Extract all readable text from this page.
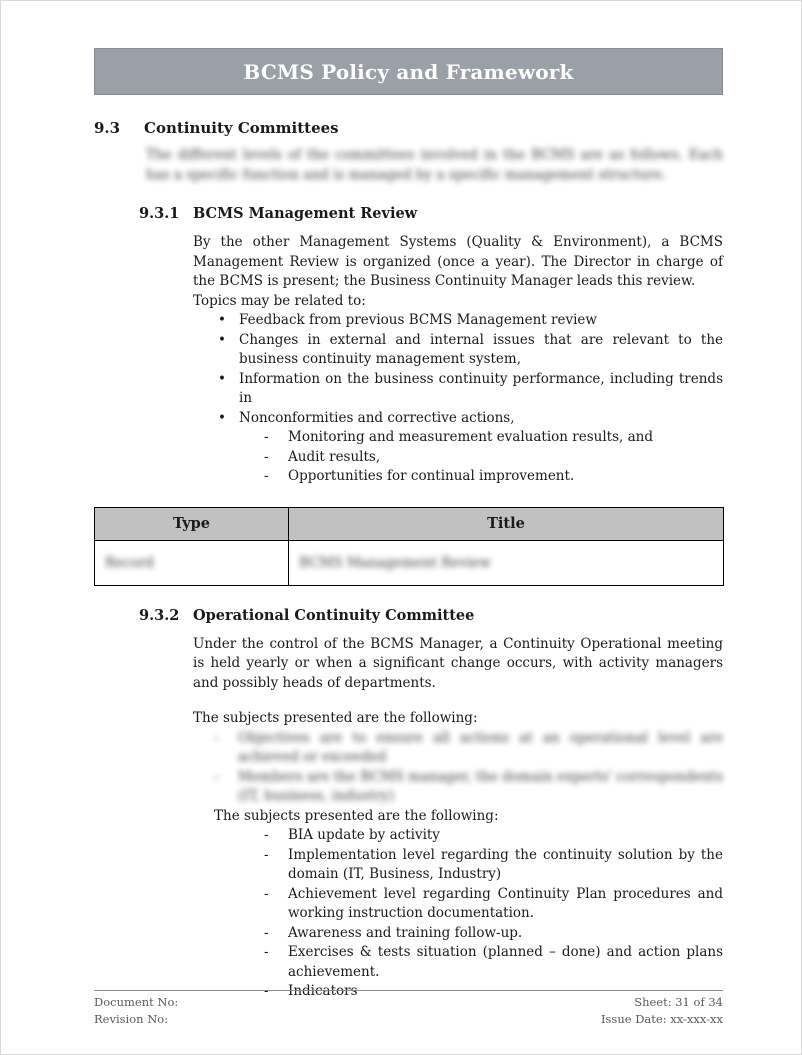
BCMS Policy and Framework
9.3	Continuity Committees
The different levels of the committees involved in the BCMS are as follows. Each has a specific function and is managed by a specific management structure.
9.3.1 BCMS Management Review
By the other Management Systems (Quality & Environment), a BCMS Management Review is organized (once a year). The Director in charge of the BCMS is present; the Business Continuity Manager leads this review.
Topics may be related to:
• Feedback from previous BCMS Management review
• Changes in external and internal issues that are relevant to the business continuity management system,
• Information on the business continuity performance, including trends in
• Nonconformities and corrective actions,
- Monitoring and measurement evaluation results, and
- Audit results,
- Opportunities for continual improvement.
Type	Title
Record	BCMS Management Review
9.3.2 Operational Continuity Committee
Under the control of the BCMS Manager, a Continuity Operational meeting is held yearly or when a significant change occurs, with activity managers and possibly heads of departments.
The subjects presented are the following:
- Objectives are to ensure all actions at an operational level are achieved or exceeded
- Members are the BCMS manager, the domain experts' correspondents (IT, business, industry)
The subjects presented are the following:
- BIA update by activity
- Implementation level regarding the continuity solution by the domain (IT, Business, Industry)
- Achievement level regarding Continuity Plan procedures and working instruction documentation.
- Awareness and training follow-up.
- Exercises & tests situation (planned – done) and action plans achievement.
- Indicators
Document No:
Revision No:
Sheet: 31 of 34
Issue Date: xx-xxx-xx
